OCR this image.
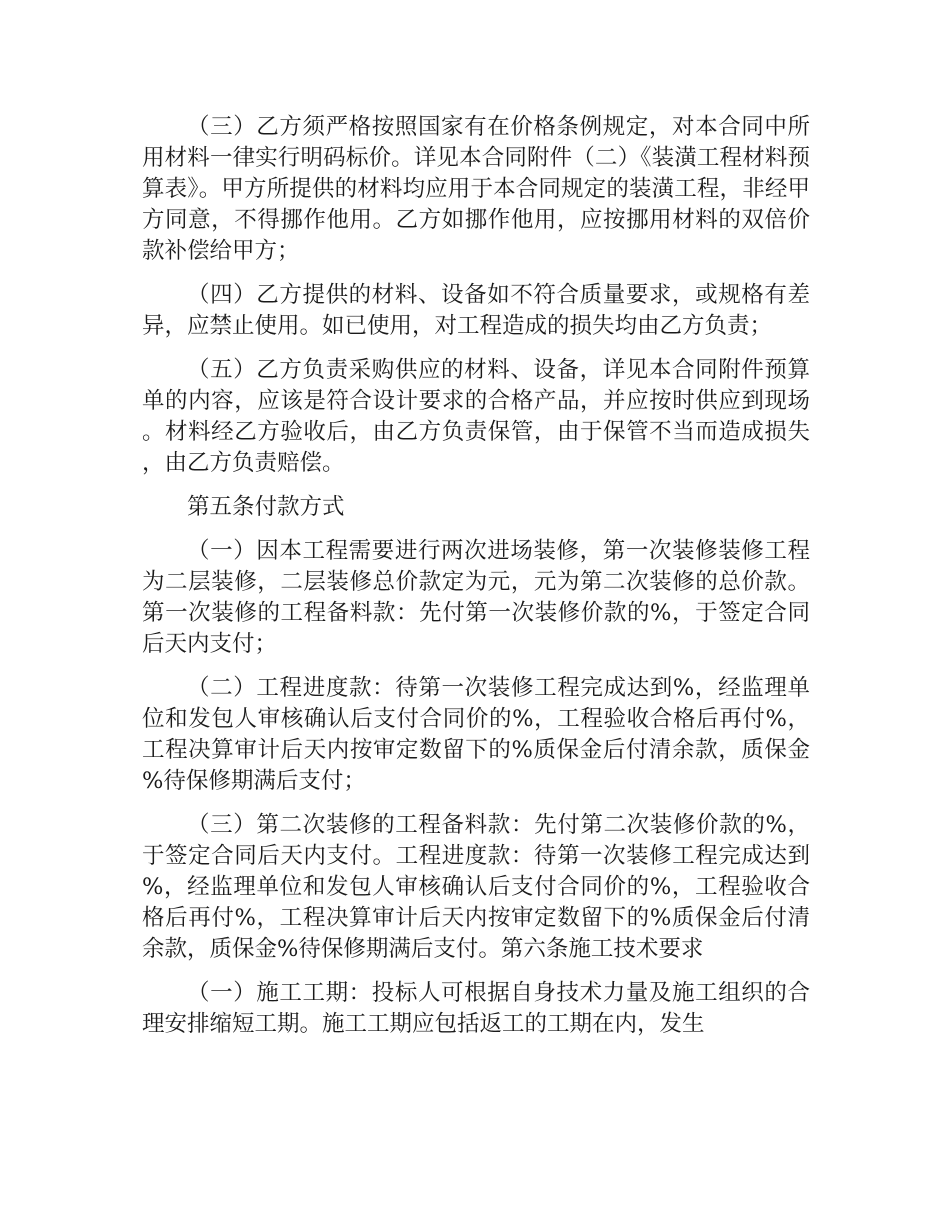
（三）乙方须严格按照国家有在价格条例规定，对本合同中所用材料一律实行明码标价。详见本合同附件（二）《装潢工程材料预算表》。甲方所提供的材料均应用于本合同规定的装潢工程，非经甲方同意，不得挪作他用。乙方如挪作他用，应按挪用材料的双倍价款补偿给甲方；

（四）乙方提供的材料、设备如不符合质量要求，或规格有差异，应禁止使用。如已使用，对工程造成的损失均由乙方负责；

（五）乙方负责采购供应的材料、设备，详见本合同附件预算单的内容，应该是符合设计要求的合格产品，并应按时供应到现场。材料经乙方验收后，由乙方负责保管，由于保管不当而造成损失，由乙方负责赔偿。

第五条付款方式

（一）因本工程需要进行两次进场装修，第一次装修装修工程为二层装修，二层装修总价款定为元，元为第二次装修的总价款。第一次装修的工程备料款：先付第一次装修价款的%，于签定合同后天内支付；

（二）工程进度款：待第一次装修工程完成达到%，经监理单位和发包人审核确认后支付合同价的%，工程验收合格后再付%，工程决算审计后天内按审定数留下的%质保金后付清余款，质保金%待保修期满后支付；

（三）第二次装修的工程备料款：先付第二次装修价款的%，于签定合同后天内支付。工程进度款：待第一次装修工程完成达到%，经监理单位和发包人审核确认后支付合同价的%，工程验收合格后再付%，工程决算审计后天内按审定数留下的%质保金后付清余款，质保金%待保修期满后支付。第六条施工技术要求

（一）施工工期：投标人可根据自身技术力量及施工组织的合理安排缩短工期。施工工期应包括返工的工期在内，发生
